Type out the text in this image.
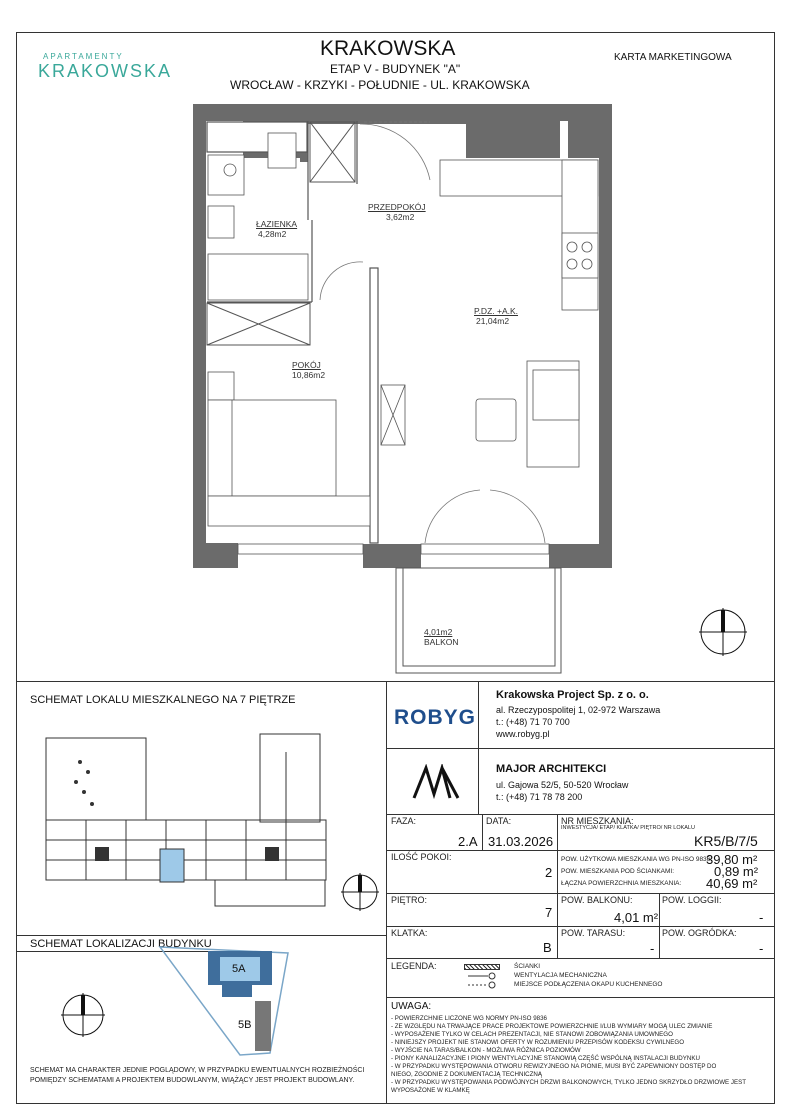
APARTAMENTY
KRAKOWSKA
KRAKOWSKA
ETAP V - BUDYNEK "A"
WROCŁAW - KRZYKI - POŁUDNIE - UL. KRAKOWSKA
KARTA MARKETINGOWA
PRZEDPOKÓJ
3,62m2
ŁAZIENKA
4,28m2
P.DZ. +A.K.
21,04m2
POKÓJ
10,86m2
4,01m2
BALKON
SCHEMAT LOKALU MIESZKALNEGO NA 7 PIĘTRZE
SCHEMAT LOKALIZACJI BUDYNKU
5A
5B
SCHEMAT MA CHARAKTER JEDNIE POGLĄDOWY, W PRZYPADKU EWENTUALNYCH ROZBIEŻNOŚCI
POMIĘDZY SCHEMATAMI A PROJEKTEM BUDOWLANYM, WIĄŻĄCY JEST PROJEKT BUDOWLANY.
ROBYG
Krakowska Project Sp. z o. o.
al. Rzeczypospolitej 1, 02-972 Warszawa
t.: (+48) 71 70 700
www.robyg.pl
MAJOR ARCHITEKCI
ul. Gajowa 52/5, 50-520 Wrocław
t.: (+48) 71 78 78 200
FAZA:
2.A
DATA:
31.03.2026
NR MIESZKANIA:
INWESTYCJA/ ETAP/ KLATKA/ PIĘTRO/ NR LOKALU
KR5/B/7/5
ILOŚĆ POKOI:
2
POW. UŻYTKOWA MIESZKANIA WG PN-ISO 9836:
39,80 m²
POW. MIESZKANIA POD ŚCIANKAMI:	0,89 m²
ŁĄCZNA POWIERZCHNIA MIESZKANIA: 40,69 m²
PIĘTRO:
7
POW. BALKONU:
4,01 m²
POW. LOGGII:
-
KLATKA:
B
POW. TARASU:
-
POW. OGRÓDKA:
-
LEGENDA:	ŚCIANKI
WENTYLACJA MECHANICZNA
MIEJSCE PODŁĄCZENIA OKAPU KUCHENNEGO
UWAGA:
- POWIERZCHNIE LICZONE WG NORMY PN-ISO 9836
- ZE WZGLĘDU NA TRWAJĄCE PRACE PROJEKTOWE POWIERZCHNIE I/LUB WYMIARY MOGĄ ULEC ZMIANIE
- WYPOSAŻENIE TYLKO W CELACH PREZENTACJI, NIE STANOWI ZOBOWIĄZANIA UMOWNEGO
- NINIEJSZY PROJEKT NIE STANOWI OFERTY W ROZUMIENIU PRZEPISÓW KODEKSU CYWILNEGO
- WYJŚCIE NA TARAS/BALKON - MOŻLIWA RÓŻNICA POZIOMÓW
- PIONY KANALIZACYJNE I PIONY WENTYLACYJNE STANOWIĄ CZĘŚĆ WSPÓLNĄ INSTALACJI BUDYNKU
- W PRZYPADKU WYSTĘPOWANIA OTWORU REWIZYJNEGO NA PIONIE, MUSI BYĆ ZAPEWNIONY DOSTĘP DO
NIEGO, ZGODNIE Z DOKUMENTACJĄ TECHNICZNĄ
- W PRZYPADKU WYSTĘPOWANIA PODWÓJNYCH DRZWI BALKONOWYCH, TYLKO JEDNO SKRZYDŁO DRZWIOWE JEST
WYPOSAŻONE W KLAMKĘ
